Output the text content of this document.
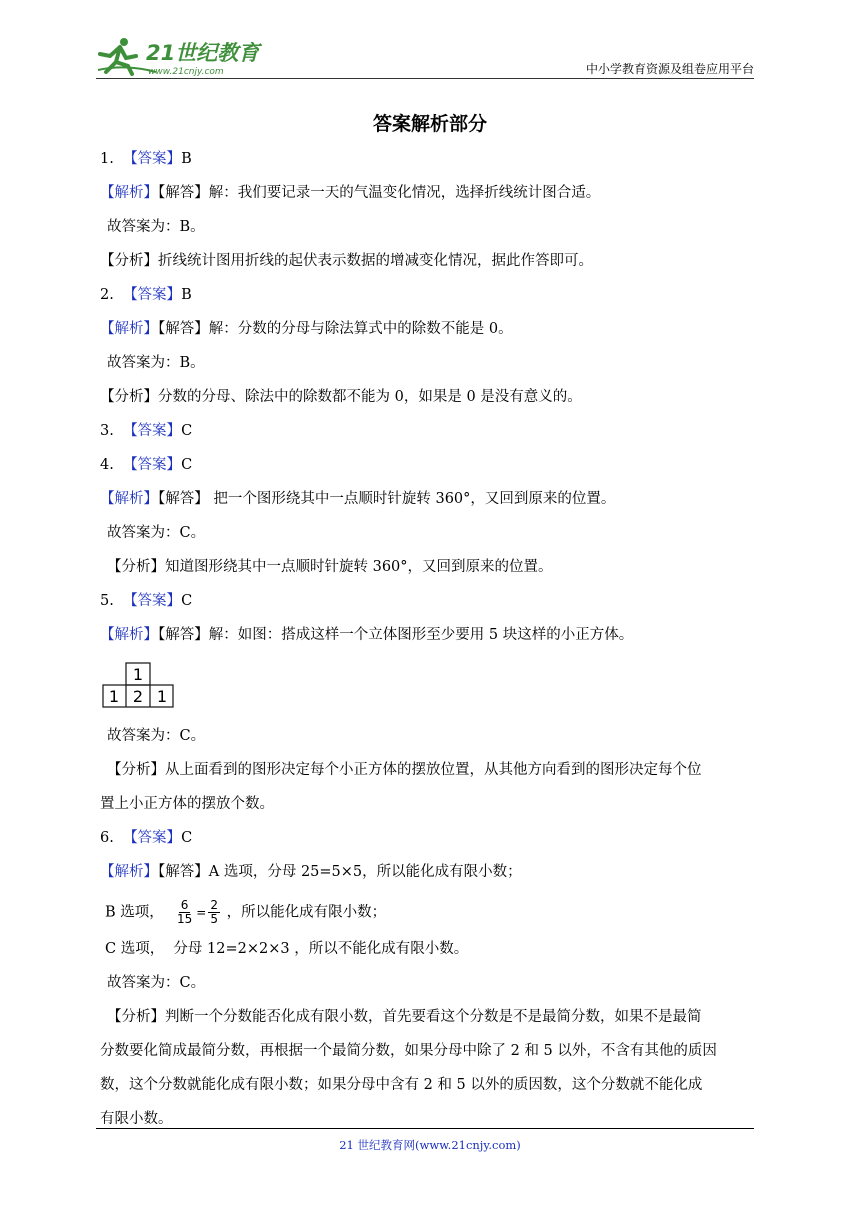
21世纪教育
www.21cnjy.com	中小学教育资源及组卷应用平台
答案解析部分
1. 【答案】B
【解析】【解答】解：我们要记录一天的气温变化情况，选择折线统计图合适。
故答案为：B。
【分析】折线统计图用折线的起伏表示数据的增减变化情况，据此作答即可。
2. 【答案】B
【解析】【解答】解：分数的分母与除法算式中的除数不能是 0。
故答案为：B。
【分析】分数的分母、除法中的除数都不能为 0，如果是 0 是没有意义的。
3. 【答案】C
4. 【答案】C
【解析】【解答】 把一个图形绕其中一点顺时针旋转 360°，又回到原来的位置。
故答案为：C。
【分析】知道图形绕其中一点顺时针旋转 360°，又回到原来的位置。
5. 【答案】C
【解析】【解答】解：如图：搭成这样一个立体图形至少要用 5 块这样的小正方体。
1
1 2 1
故答案为：C。
【分析】从上面看到的图形决定每个小正方体的摆放位置，从其他方向看到的图形决定每个位
置上小正方体的摆放个数。
6. 【答案】C
【解析】【解答】A 选项，分母 25=5×5，所以能化成有限小数；
B 选项， $\frac{6}{15} = \frac{2}{5}$ ，所以能化成有限小数；
C 选项，  分母 12=2×2×3 ，所以不能化成有限小数。
故答案为：C。
【分析】判断一个分数能否化成有限小数，首先要看这个分数是不是最简分数，如果不是最简
分数要化简成最简分数，再根据一个最简分数，如果分母中除了 2 和 5 以外，不含有其他的质因
数，这个分数就能化成有限小数；如果分母中含有 2 和 5 以外的质因数，这个分数就不能化成
有限小数。
21 世纪教育网(www.21cnjy.com)
